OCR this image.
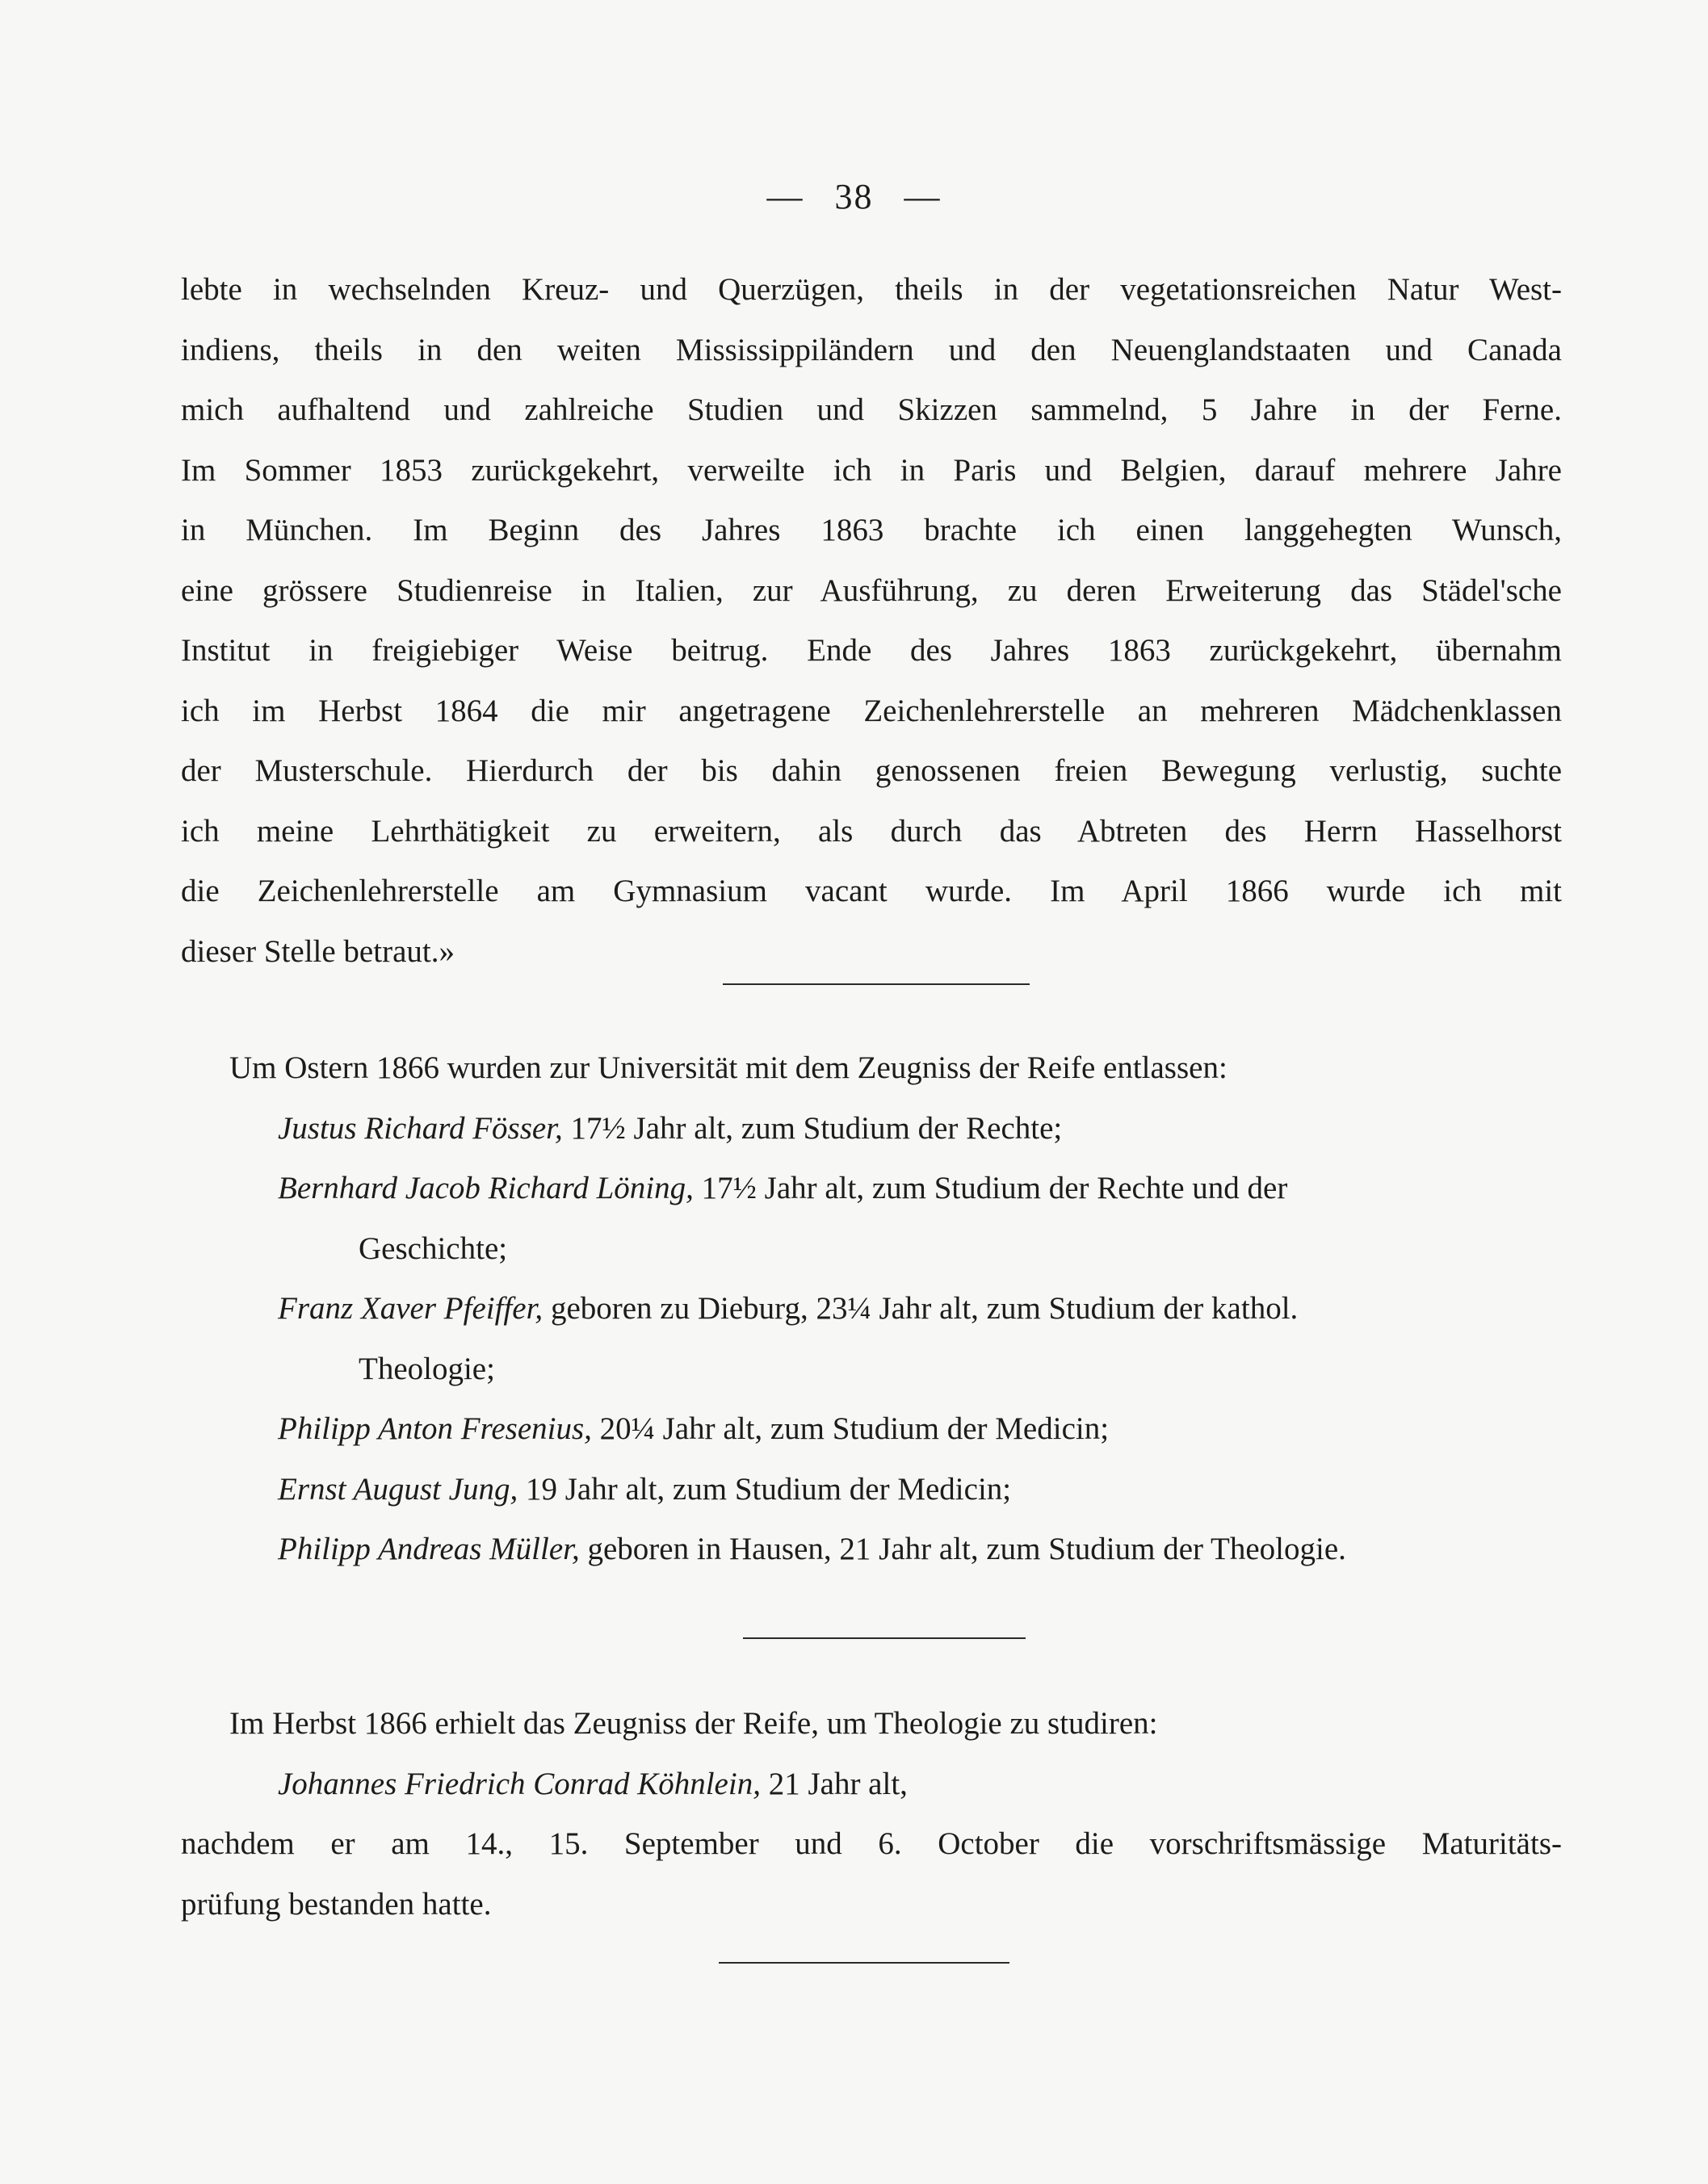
— 38 —
lebte in wechselnden Kreuz- und Querzügen, theils in der vegetationsreichen Natur West-
indiens, theils in den weiten Mississippiländern und den Neuenglandstaaten und Canada
mich aufhaltend und zahlreiche Studien und Skizzen sammelnd, 5 Jahre in der Ferne.
Im Sommer 1853 zurückgekehrt, verweilte ich in Paris und Belgien, darauf mehrere Jahre
in München. Im Beginn des Jahres 1863 brachte ich einen langgehegten Wunsch,
eine grössere Studienreise in Italien, zur Ausführung, zu deren Erweiterung das Städel'sche
Institut in freigiebiger Weise beitrug. Ende des Jahres 1863 zurückgekehrt, übernahm
ich im Herbst 1864 die mir angetragene Zeichenlehrerstelle an mehreren Mädchenklassen
der Musterschule. Hierdurch der bis dahin genossenen freien Bewegung verlustig, suchte
ich meine Lehrthätigkeit zu erweitern, als durch das Abtreten des Herrn Hasselhorst
die Zeichenlehrerstelle am Gymnasium vacant wurde. Im April 1866 wurde ich mit
dieser Stelle betraut.»
Um Ostern 1866 wurden zur Universität mit dem Zeugniss der Reife entlassen:
Justus Richard Fösser, 17½ Jahr alt, zum Studium der Rechte;
Bernhard Jacob Richard Löning, 17½ Jahr alt, zum Studium der Rechte und der
Geschichte;
Franz Xaver Pfeiffer, geboren zu Dieburg, 23¼ Jahr alt, zum Studium der kathol.
Theologie;
Philipp Anton Fresenius, 20¼ Jahr alt, zum Studium der Medicin;
Ernst August Jung, 19 Jahr alt, zum Studium der Medicin;
Philipp Andreas Müller, geboren in Hausen, 21 Jahr alt, zum Studium der Theologie.
Im Herbst 1866 erhielt das Zeugniss der Reife, um Theologie zu studiren:
Johannes Friedrich Conrad Köhnlein, 21 Jahr alt,
nachdem er am 14., 15. September und 6. October die vorschriftsmässige Maturitäts-
prüfung bestanden hatte.
